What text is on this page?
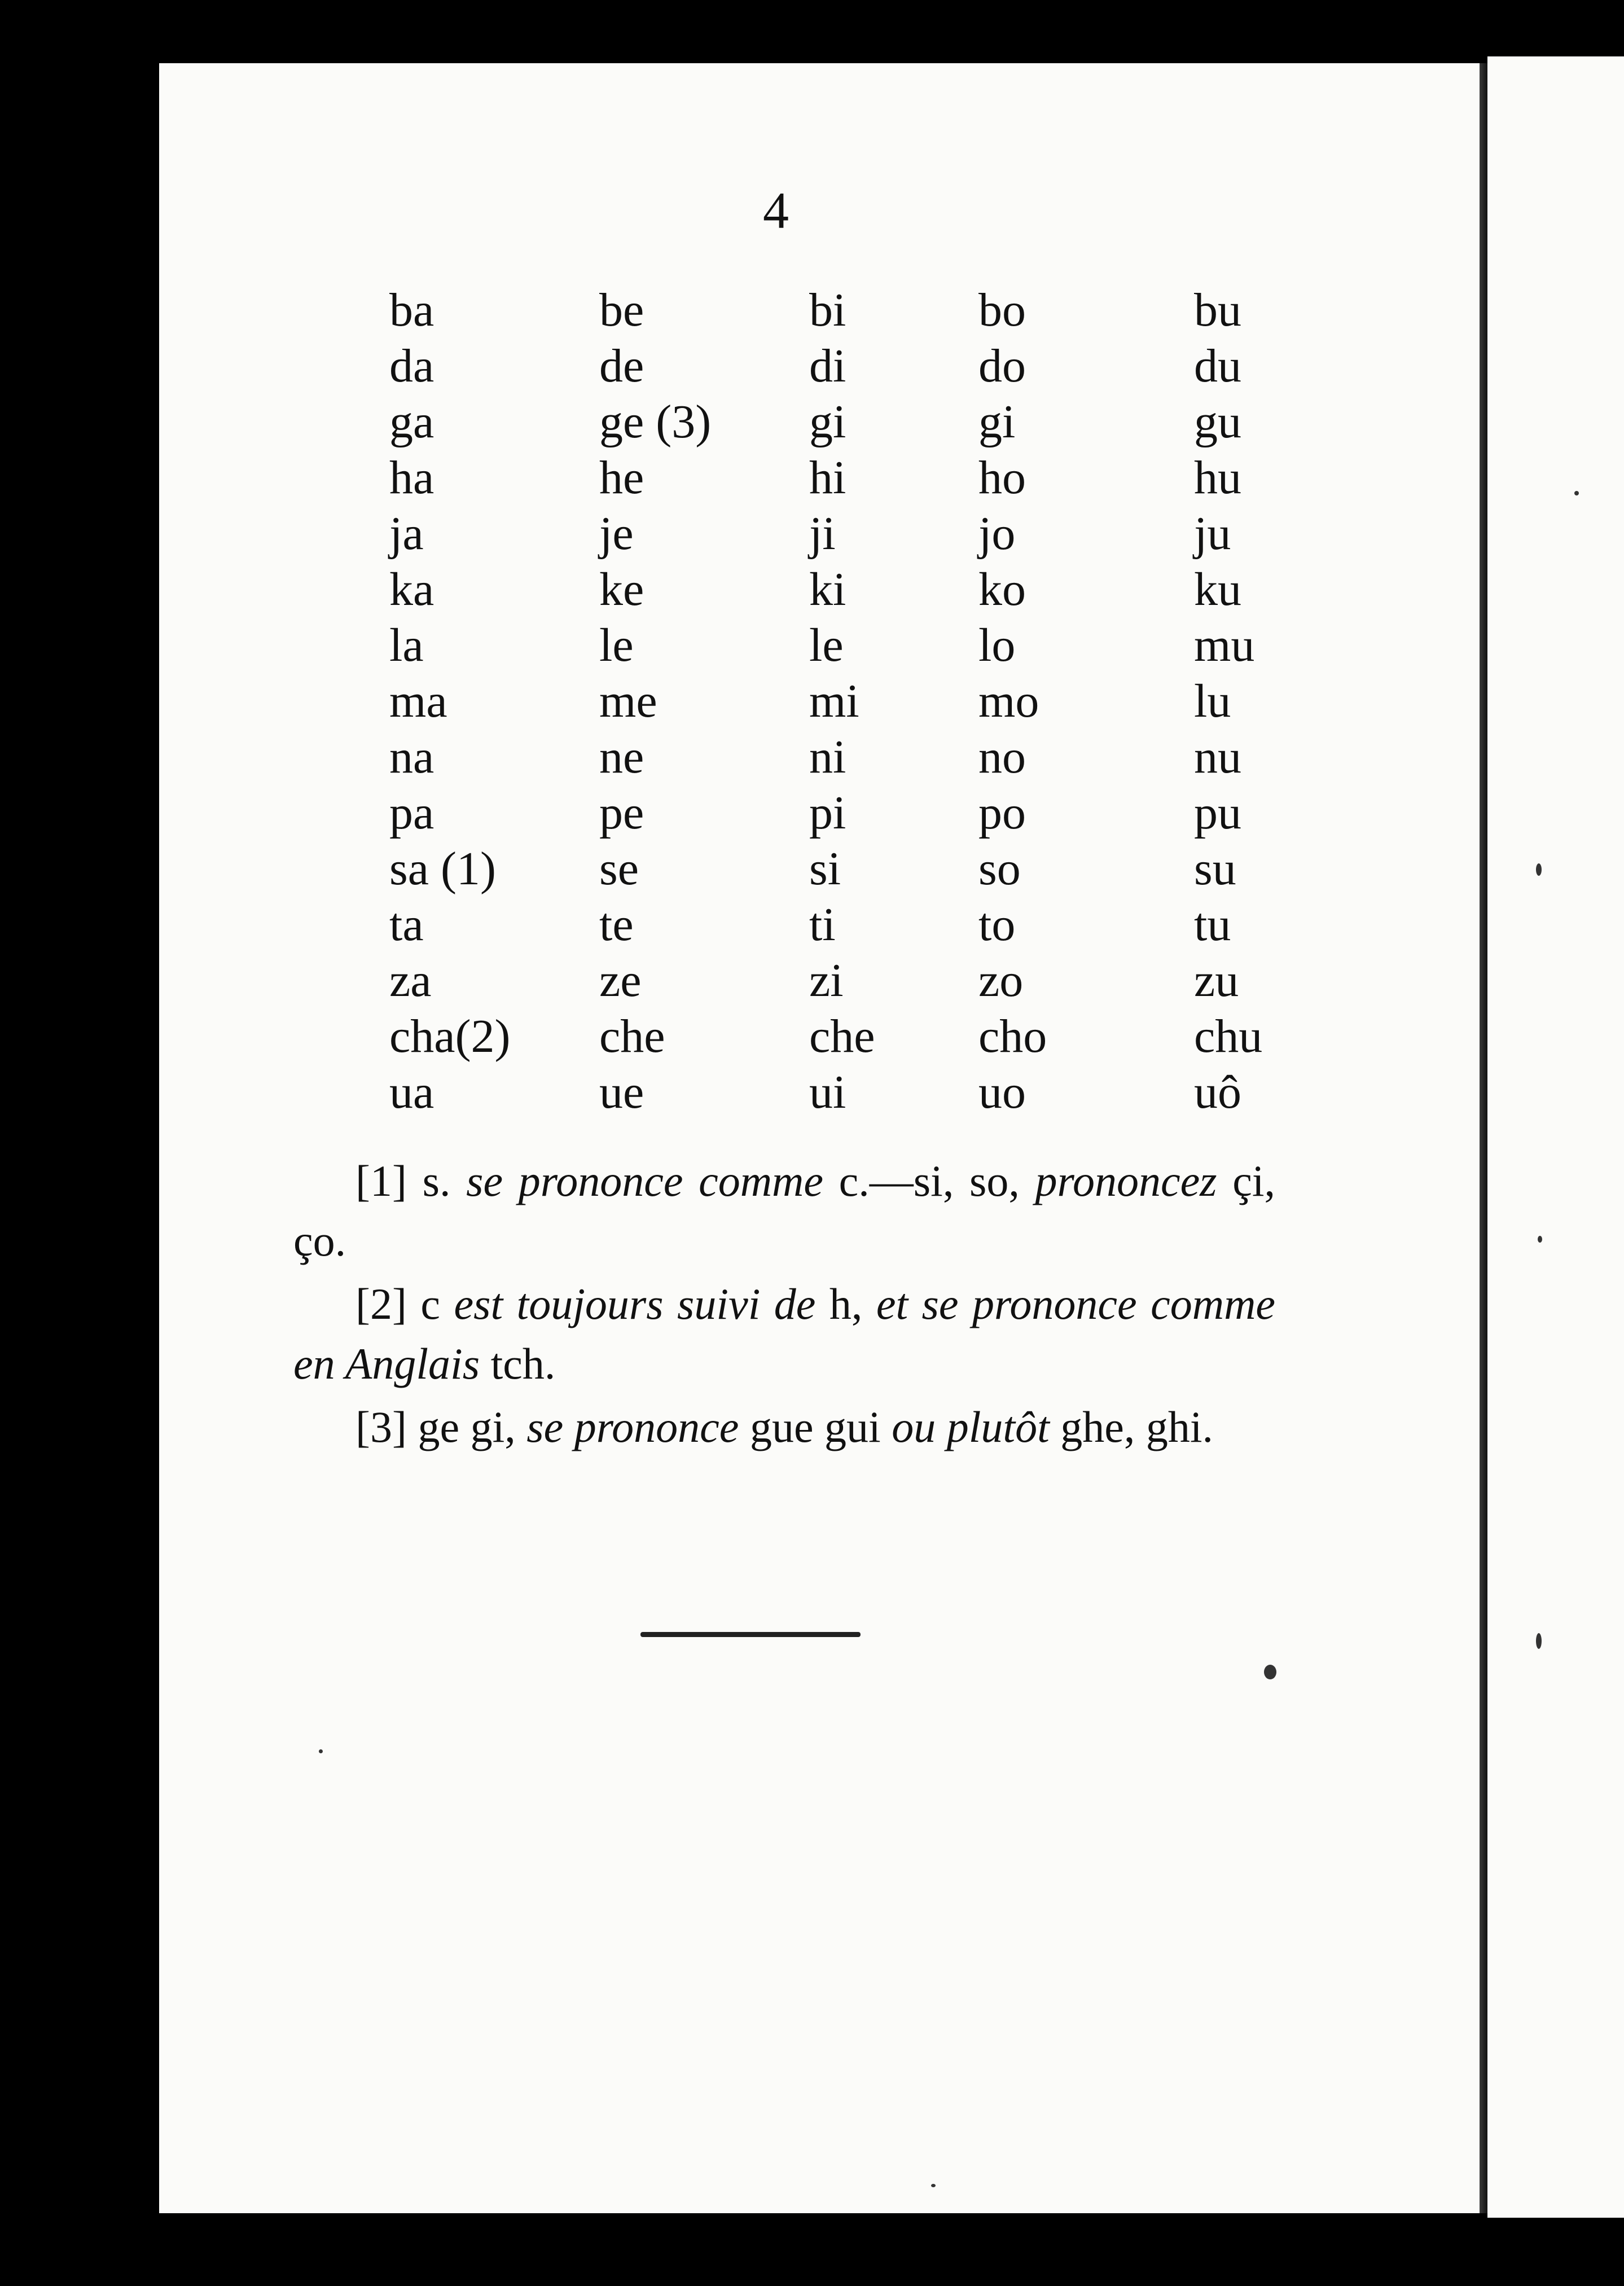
4
ba	be	bi	bo	bu
da	de	di	do	du
ga	ge (3)	gi	gi	gu
ha	he	hi	ho	hu
ja	je	ji	jo	ju
ka	ke	ki	ko	ku
la	le	le	lo	mu
ma	me	mi	mo	lu
na	ne	ni	no	nu
pa	pe	pi	po	pu
sa (1)	se	si	so	su
ta	te	ti	to	tu
za	ze	zi	zo	zu
cha(2)	che	che	cho	chu
ua	ue	ui	uo	uô

[1] s. se prononce comme c.—si, so, prononcez çi, ço.

[2] c est toujours suivi de h, et se prononce comme en Anglais tch.

[3] ge gi, se prononce gue gui ou plutôt ghe, ghi.
